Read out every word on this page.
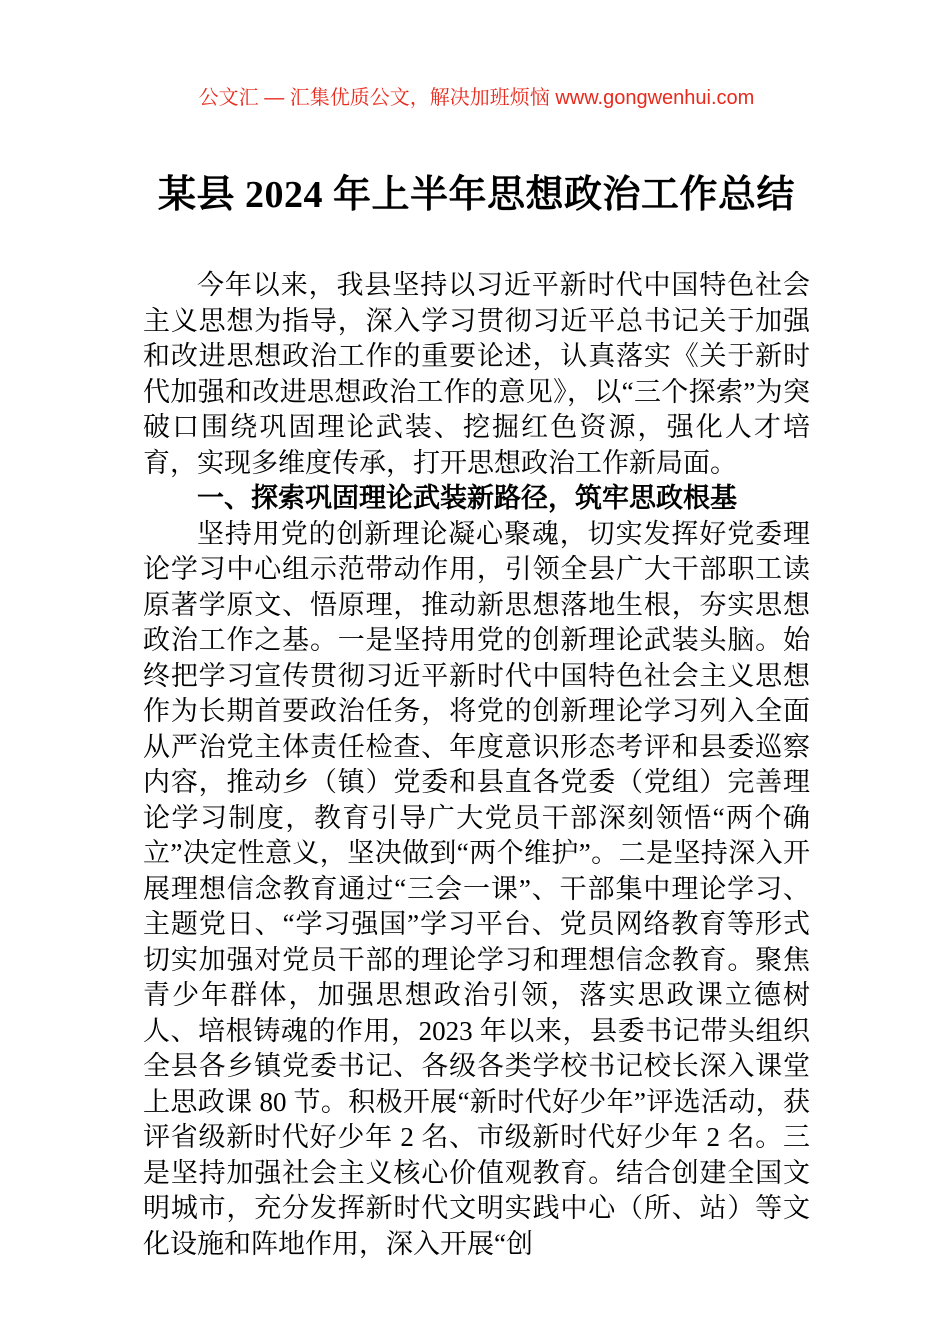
公文汇 — 汇集优质公文，解决加班烦恼 www.gongwenhui.com
某县 2024 年上半年思想政治工作总结

今年以来，我县坚持以习近平新时代中国特色社会主义思想为指导，深入学习贯彻习近平总书记关于加强和改进思想政治工作的重要论述，认真落实《关于新时代加强和改进思想政治工作的意见》，以“三个探索”为突破口围绕巩固理论武装、挖掘红色资源，强化人才培育，实现多维度传承，打开思想政治工作新局面。

一、探索巩固理论武装新路径，筑牢思政根基

坚持用党的创新理论凝心聚魂，切实发挥好党委理论学习中心组示范带动作用，引领全县广大干部职工读原著学原文、悟原理，推动新思想落地生根，夯实思想政治工作之基。一是坚持用党的创新理论武装头脑。始终把学习宣传贯彻习近平新时代中国特色社会主义思想作为长期首要政治任务，将党的创新理论学习列入全面从严治党主体责任检查、年度意识形态考评和县委巡察内容，推动乡（镇）党委和县直各党委（党组）完善理论学习制度，教育引导广大党员干部深刻领悟“两个确立”决定性意义，坚决做到“两个维护”。二是坚持深入开展理想信念教育通过“三会一课”、干部集中理论学习、主题党日、“学习强国”学习平台、党员网络教育等形式切实加强对党员干部的理论学习和理想信念教育。聚焦青少年群体，加强思想政治引领，落实思政课立德树人、培根铸魂的作用，2023 年以来，县委书记带头组织全县各乡镇党委书记、各级各类学校书记校长深入课堂上思政课 80 节。积极开展“新时代好少年”评选活动，获评省级新时代好少年 2 名、市级新时代好少年 2 名。三是坚持加强社会主义核心价值观教育。结合创建全国文明城市，充分发挥新时代文明实践中心（所、站）等文化设施和阵地作用，深入开展“创
